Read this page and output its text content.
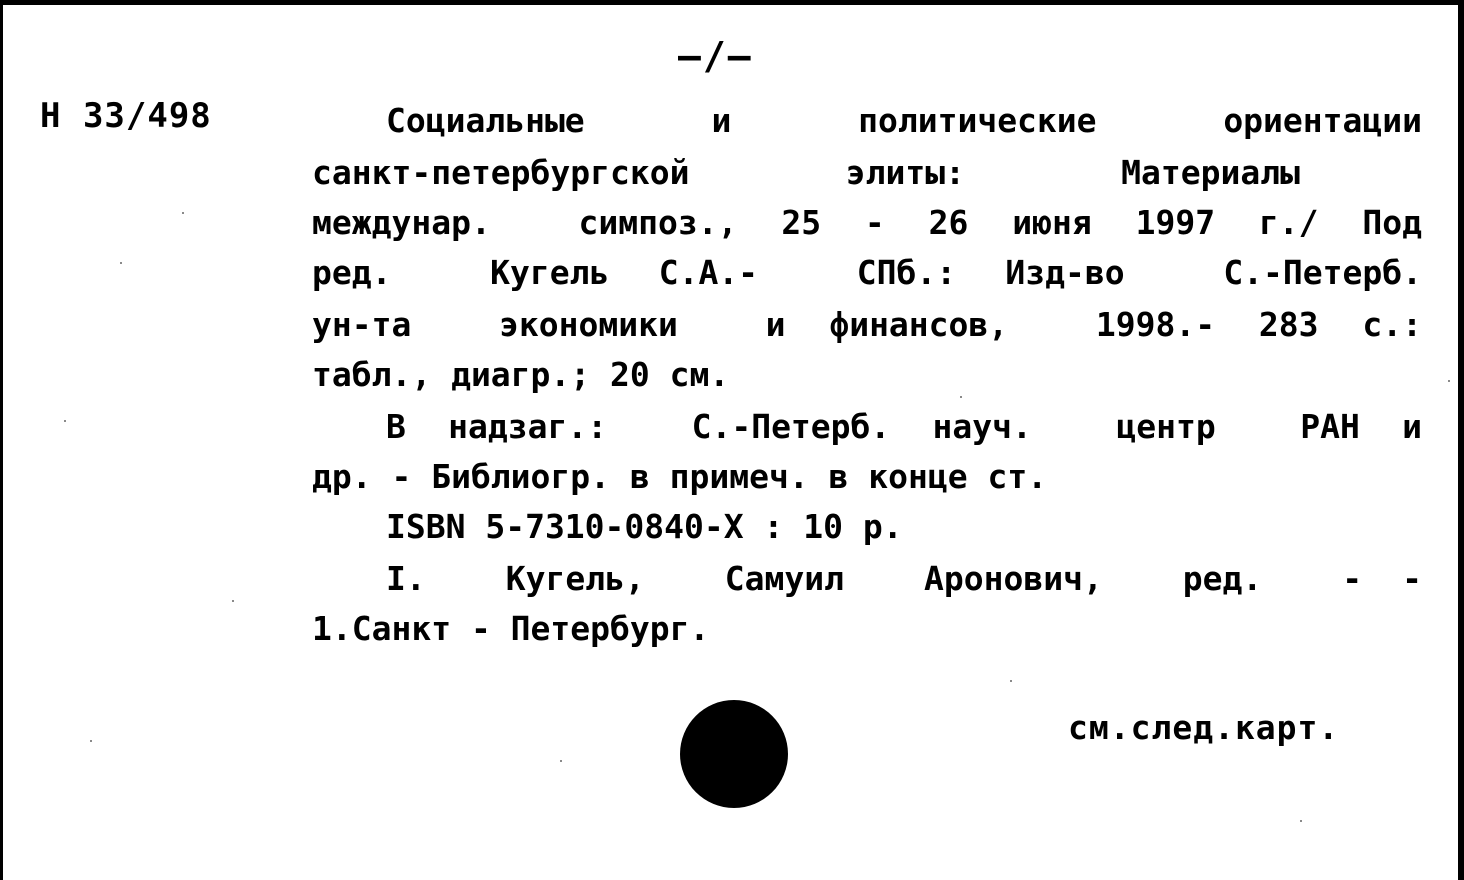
—/—
Н 33/498	Социальные  и  политические  ориентации
санкт-петербургской  элиты:  Материалы
междунар.  симпоз., 25 - 26 июня 1997 г./ Под
ред.  Кугель С.А.-  СПб.: Изд-во  С.-Петерб.
ун-та  экономики  и финансов,  1998.- 283 с.:
табл., диагр.; 20 см.
В надзаг.:  С.-Петерб. науч.  центр  РАН и
др. - Библиогр. в примеч. в конце ст.
ISBN 5-7310-0840-X : 10 р.
I.  Кугель,  Самуил  Аронович,  ред.  - -
1.Санкт - Петербург.
см.след.карт.
